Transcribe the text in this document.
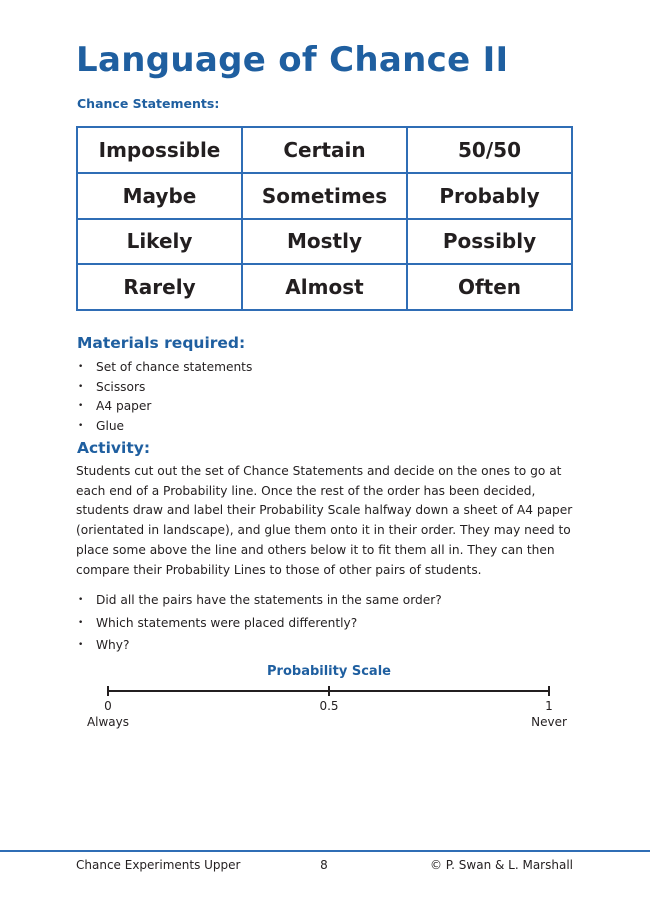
Language of Chance II
Chance Statements:
Impossible	Certain	50/50
Maybe	Sometimes	Probably
Likely	Mostly	Possibly
Rarely	Almost	Often
Materials required:
• Set of chance statements
• Scissors
• A4 paper
• Glue
Activity:

Students cut out the set of Chance Statements and decide on the ones to go at each end of a Probability line. Once the rest of the order has been decided, students draw and label their Probability Scale halfway down a sheet of A4 paper (orientated in landscape), and glue them onto it in their order. They may need to place some above the line and others below it to fit them all in. They can then compare their Probability Lines to those of other pairs of students.

• Did all the pairs have the statements in the same order?
• Which statements were placed differently?
• Why?
Probability Scale
0	0.5	1
Always	Never
Chance Experiments Upper	8	© P. Swan & L. Marshall
